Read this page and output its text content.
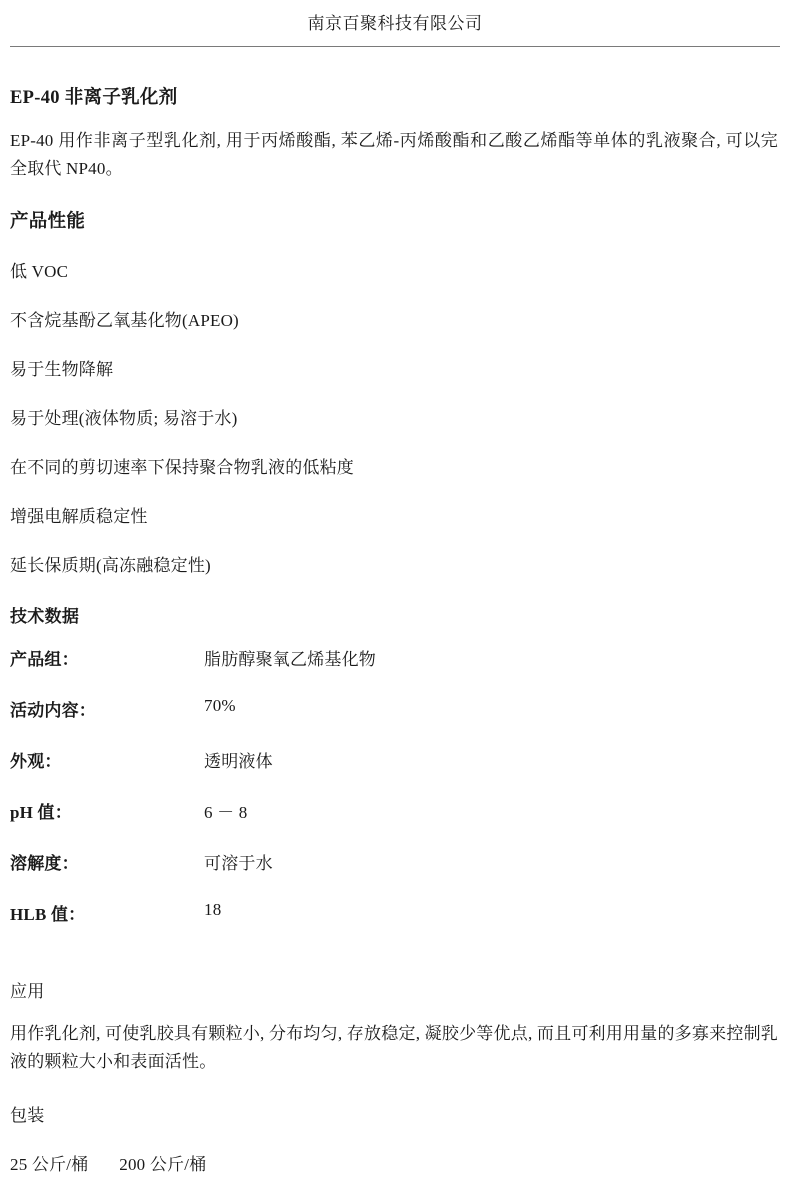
南京百聚科技有限公司
EP-40 非离子乳化剂
EP-40 用作非离子型乳化剂, 用于丙烯酸酯, 苯乙烯-丙烯酸酯和乙酸乙烯酯等单体的乳液聚合, 可以完全取代 NP40。
产品性能
低 VOC
不含烷基酚乙氧基化物(APEO)
易于生物降解
易于处理(液体物质; 易溶于水)
在不同的剪切速率下保持聚合物乳液的低粘度
增强电解质稳定性
延长保质期(高冻融稳定性)
技术数据
产品组：	脂肪醇聚氧乙烯基化物
活动内容：	70%
外观：	透明液体
pH 值：	6 － 8
溶解度：	可溶于水
HLB 值：	18
应用
用作乳化剂, 可使乳胶具有颗粒小, 分布均匀, 存放稳定, 凝胶少等优点, 而且可利用用量的多寡来控制乳液的颗粒大小和表面活性。
包装
25 公斤/桶 200 公斤/桶
